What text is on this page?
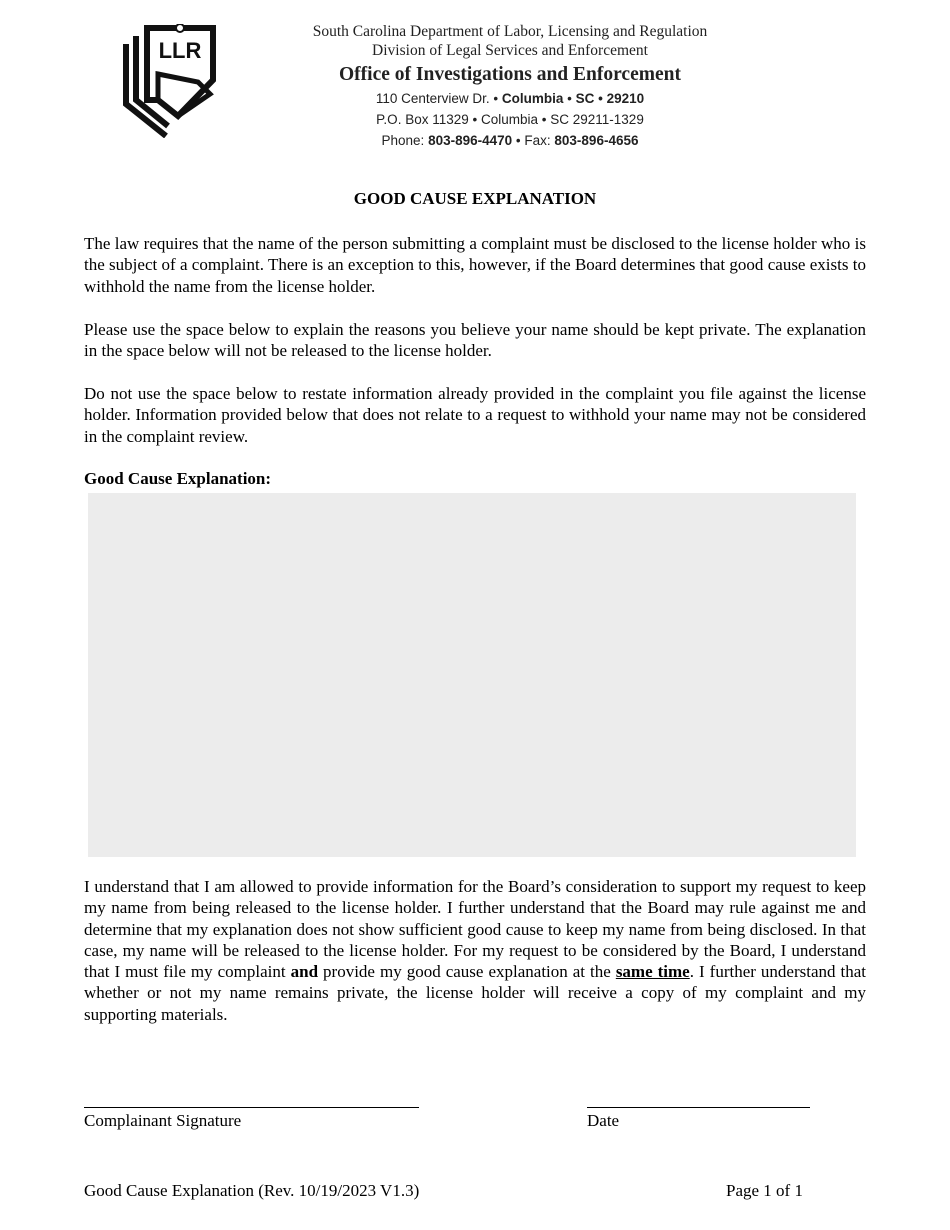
LLR
South Carolina Department of Labor, Licensing and Regulation
Division of Legal Services and Enforcement
Office of Investigations and Enforcement
110 Centerview Dr. • Columbia • SC • 29210
P.O. Box 11329 • Columbia • SC 29211-1329
Phone: 803-896-4470 • Fax: 803-896-4656
GOOD CAUSE EXPLANATION

The law requires that the name of the person submitting a complaint must be disclosed to the license holder who is the subject of a complaint. There is an exception to this, however, if the Board determines that good cause exists to withhold the name from the license holder.

Please use the space below to explain the reasons you believe your name should be kept private. The explanation in the space below will not be released to the license holder.

Do not use the space below to restate information already provided in the complaint you file against the license holder. Information provided below that does not relate to a request to withhold your name may not be considered in the complaint review.

Good Cause Explanation:

I understand that I am allowed to provide information for the Board’s consideration to support my request to keep my name from being released to the license holder. I further understand that the Board may rule against me and determine that my explanation does not show sufficient good cause to keep my name from being disclosed. In that case, my name will be released to the license holder. For my request to be considered by the Board, I understand that I must file my complaint and provide my good cause explanation at the same time. I further understand that whether or not my name remains private, the license holder will receive a copy of my complaint and my supporting materials.

Complainant Signature	Date
Good Cause Explanation (Rev. 10/19/2023 V1.3)	Page 1 of 1
